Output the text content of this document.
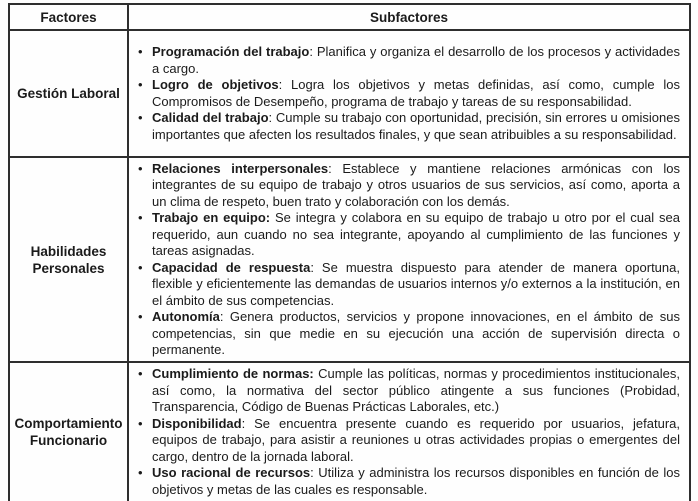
Factores	Subfactores
Gestión Laboral	
• Programación del trabajo: Planifica y organiza el desarrollo de los procesos y actividades a cargo.
• Logro de objetivos: Logra los objetivos y metas definidas, así como, cumple los Compromisos de Desempeño, programa de trabajo y tareas de su responsabilidad.
• Calidad del trabajo: Cumple su trabajo con oportunidad, precisión, sin errores u omisiones importantes que afecten los resultados finales, y que sean atribuibles a su responsabilidad.

Habilidades Personales	
• Relaciones interpersonales: Establece y mantiene relaciones armónicas con los integrantes de su equipo de trabajo y otros usuarios de sus servicios, así como, aporta a un clima de respeto, buen trato y colaboración con los demás.
• Trabajo en equipo: Se integra y colabora en su equipo de trabajo u otro por el cual sea requerido, aun cuando no sea integrante, apoyando al cumplimiento de las funciones y tareas asignadas.
• Capacidad de respuesta: Se muestra dispuesto para atender de manera oportuna, flexible y eficientemente las demandas de usuarios internos y/o externos a la institución, en el ámbito de sus competencias.
• Autonomía: Genera productos, servicios y propone innovaciones, en el ámbito de sus competencias, sin que medie en su ejecución una acción de supervisión directa o permanente.

Comportamiento Funcionario	
• Cumplimiento de normas: Cumple las políticas, normas y procedimientos institucionales, así como, la normativa del sector público atingente a sus funciones (Probidad, Transparencia, Código de Buenas Prácticas Laborales, etc.)
• Disponibilidad: Se encuentra presente cuando es requerido por usuarios, jefatura, equipos de trabajo, para asistir a reuniones u otras actividades propias o emergentes del cargo, dentro de la jornada laboral.
• Uso racional de recursos: Utiliza y administra los recursos disponibles en función de los objetivos y metas de las cuales es responsable.
